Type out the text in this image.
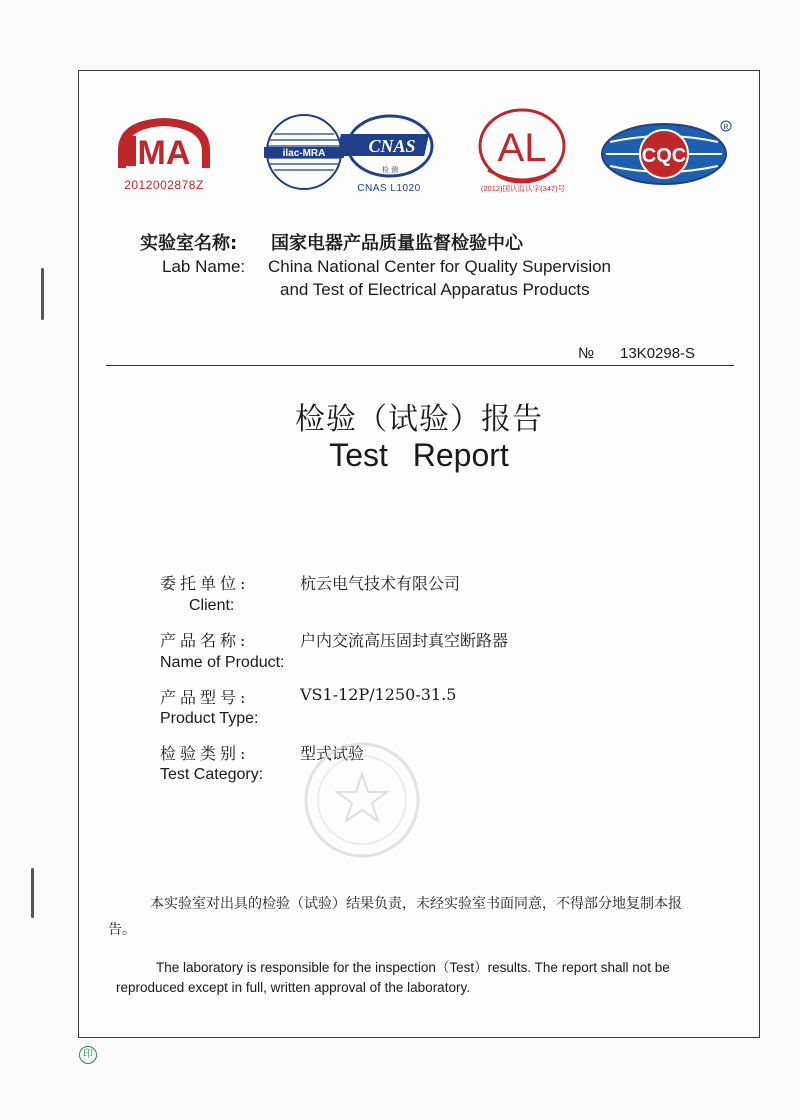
MA
2012002878Z
ilac-MRA CNAS
检 测
CNAS L1020
AL
(2012)国认监认字(347)号
CQC
R
实验室名称: 国家电器产品质量监督检验中心
Lab Name: China National Center for Quality Supervision
and Test of Electrical Apparatus Products
№ 13K0298-S
检验（试验）报告
Test Report
委托单位:	杭云电气技术有限公司
Client:
产品名称:	户内交流高压固封真空断路器
Name of Product:
产品型号:	VS1-12P/1250-31.5
Product Type:
检验类别:	型式试验
Test Category:
本实验室对出具的检验（试验）结果负责，未经实验室书面同意，不得部分地复制本报告。
The laboratory is responsible for the inspection（Test）results. The report shall not be reproduced except in full, written approval of the laboratory.
印
